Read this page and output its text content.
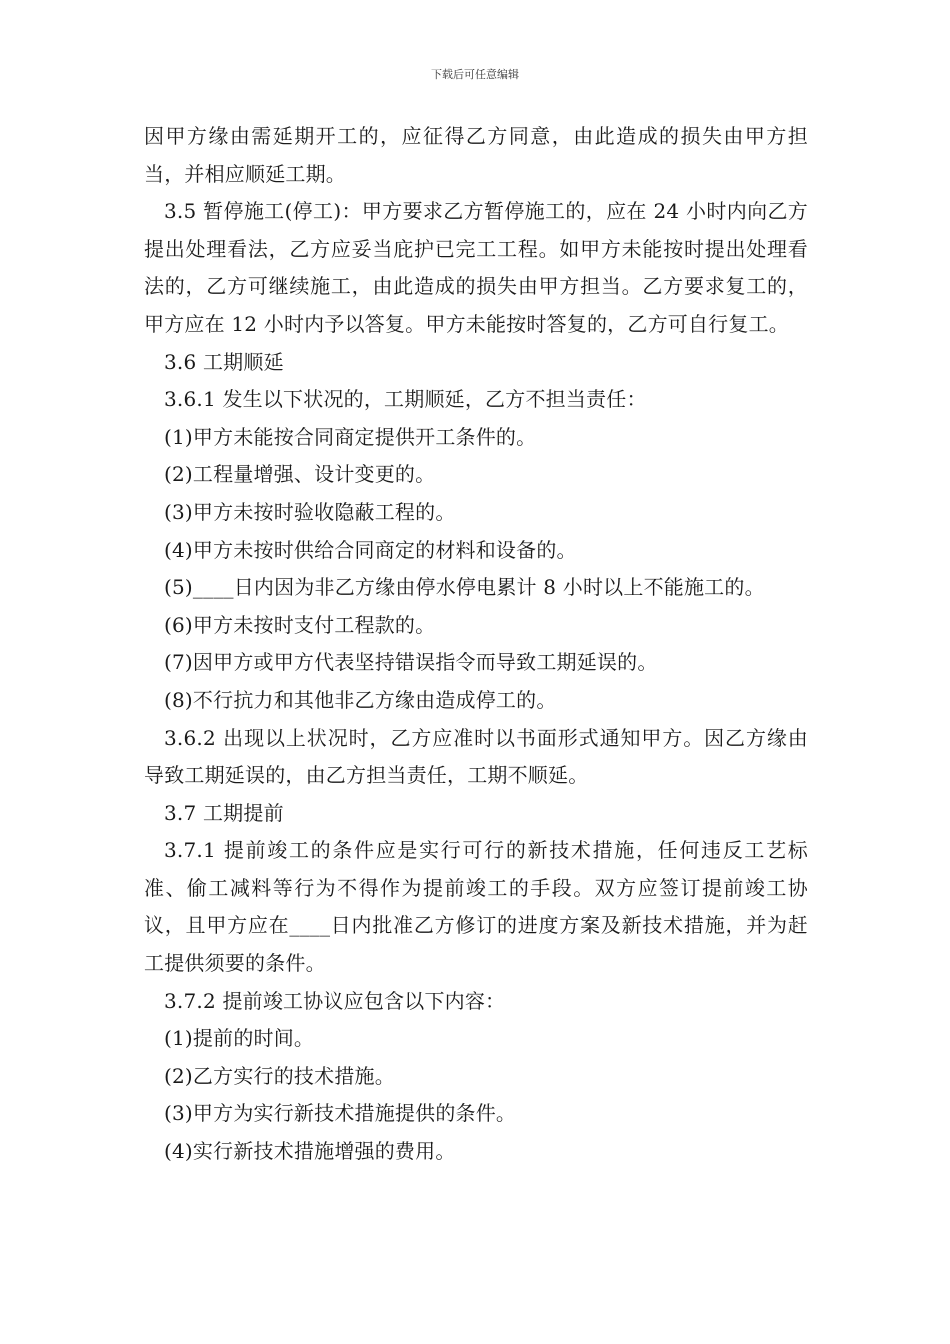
下载后可任意编辑

因甲方缘由需延期开工的，应征得乙方同意，由此造成的损失由甲方担当，并相应顺延工期。

3.5 暂停施工(停工)：甲方要求乙方暂停施工的，应在 24 小时内向乙方提出处理看法，乙方应妥当庇护已完工工程。如甲方未能按时提出处理看法的，乙方可继续施工，由此造成的损失由甲方担当。乙方要求复工的，甲方应在 12 小时内予以答复。甲方未能按时答复的，乙方可自行复工。

3.6 工期顺延

3.6.1 发生以下状况的，工期顺延，乙方不担当责任：

(1)甲方未能按合同商定提供开工条件的。

(2)工程量增强、设计变更的。

(3)甲方未按时验收隐蔽工程的。

(4)甲方未按时供给合同商定的材料和设备的。

(5)____日内因为非乙方缘由停水停电累计 8 小时以上不能施工的。

(6)甲方未按时支付工程款的。

(7)因甲方或甲方代表坚持错误指令而导致工期延误的。

(8)不行抗力和其他非乙方缘由造成停工的。

3.6.2 出现以上状况时，乙方应准时以书面形式通知甲方。因乙方缘由导致工期延误的，由乙方担当责任，工期不顺延。

3.7 工期提前

3.7.1 提前竣工的条件应是实行可行的新技术措施，任何违反工艺标准、偷工减料等行为不得作为提前竣工的手段。双方应签订提前竣工协议，且甲方应在____日内批准乙方修订的进度方案及新技术措施，并为赶工提供须要的条件。

3.7.2 提前竣工协议应包含以下内容：

(1)提前的时间。

(2)乙方实行的技术措施。

(3)甲方为实行新技术措施提供的条件。

(4)实行新技术措施增强的费用。
